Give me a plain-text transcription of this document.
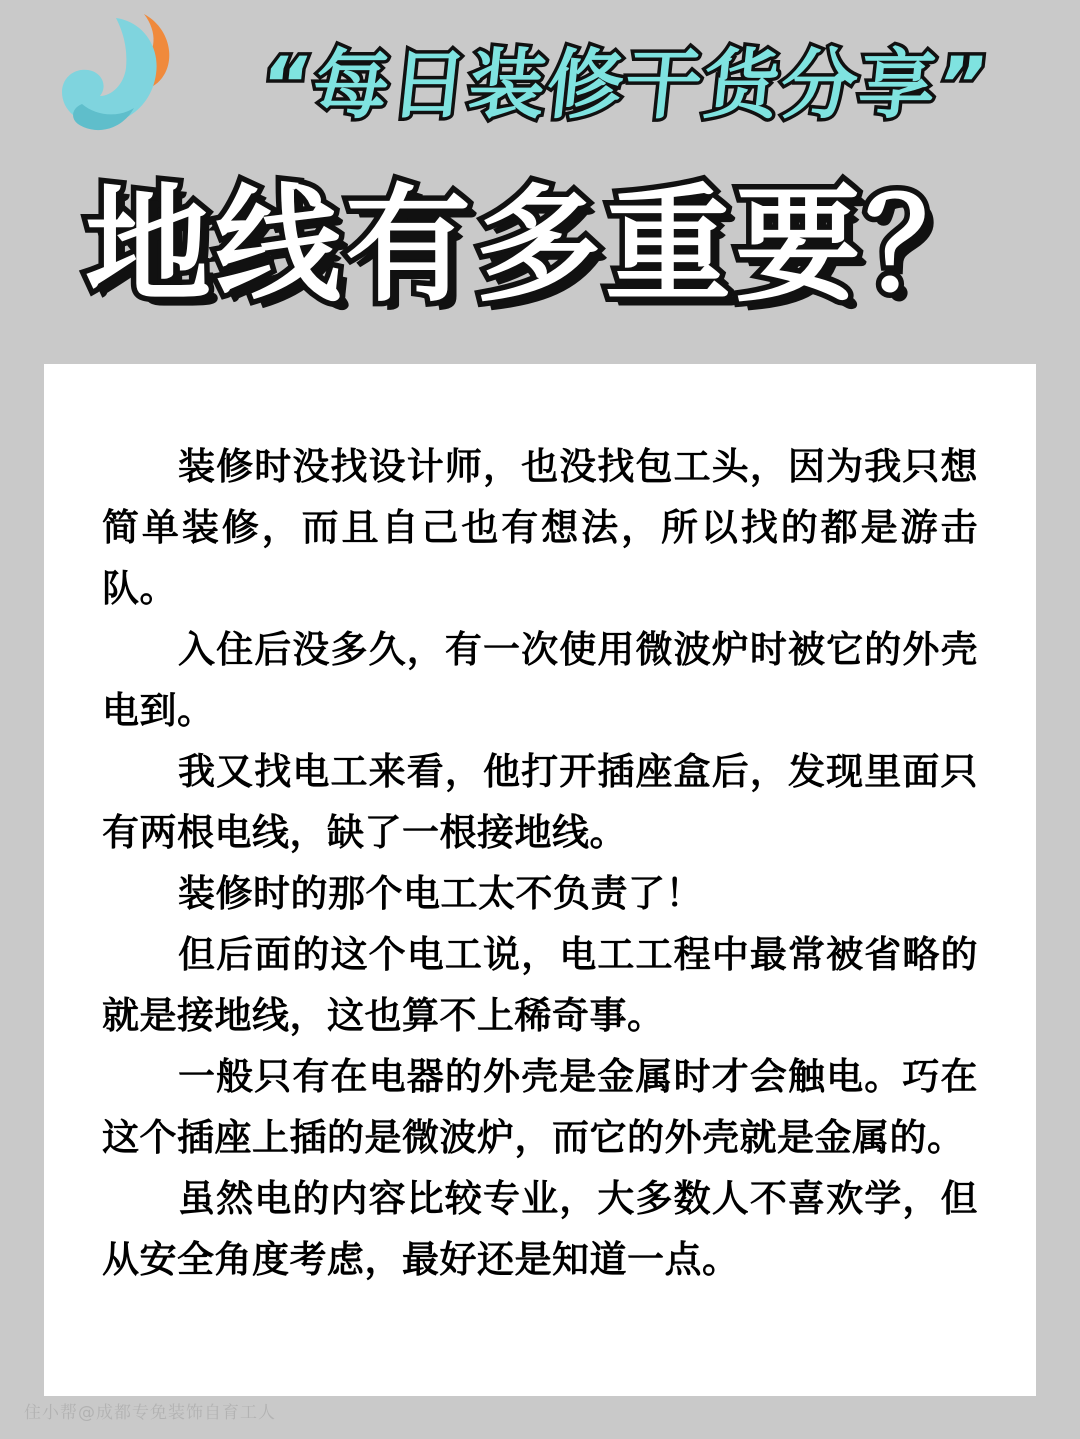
“每日装修干货分享”
地线有多重要？

装修时没找设计师，也没找包工头，因为我只想简单装修，而且自己也有想法，所以找的都是游击队。

入住后没多久，有一次使用微波炉时被它的外壳电到。

我又找电工来看，他打开插座盒后，发现里面只有两根电线，缺了一根接地线。

装修时的那个电工太不负责了！

但后面的这个电工说，电工工程中最常被省略的就是接地线，这也算不上稀奇事。

一般只有在电器的外壳是金属时才会触电。巧在这个插座上插的是微波炉，而它的外壳就是金属的。

虽然电的内容比较专业，大多数人不喜欢学，但从安全角度考虑，最好还是知道一点。

住小帮@成都专免装饰自育工人
